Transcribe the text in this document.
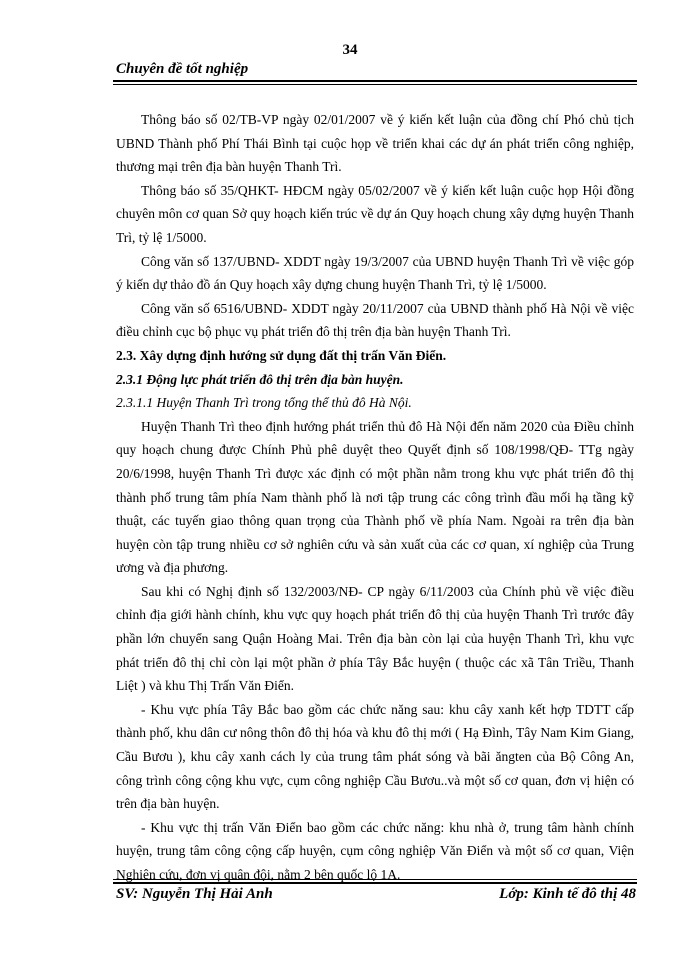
34
Chuyên đề tốt nghiệp

Thông báo số 02/TB-VP ngày 02/01/2007 về ý kiến kết luận của đồng chí Phó chủ tịch UBND Thành phố Phí Thái Bình tại cuộc họp về triển khai các dự án phát triển công nghiệp, thương mại trên địa bàn huyện Thanh Trì.

Thông báo số 35/QHKT- HĐCM ngày 05/02/2007 về ý kiến kết luận cuộc họp Hội đồng chuyên môn cơ quan Sở quy hoạch kiến trúc về dự án Quy hoạch chung xây dựng huyện Thanh Trì, tỷ lệ 1/5000.

Công văn số 137/UBND- XDDT ngày 19/3/2007 của UBND huyện Thanh Trì về việc góp ý kiến dự thảo đồ án Quy hoạch xây dựng chung huyện Thanh Trì, tỷ lệ 1/5000.

Công văn số 6516/UBND- XDDT ngày 20/11/2007 của UBND thành phố Hà Nội về việc điều chỉnh cục bộ phục vụ phát triển đô thị trên địa bàn huyện Thanh Trì.

2.3. Xây dựng định hướng sử dụng đất thị trấn Văn Điển.

2.3.1 Động lực phát triển đô thị trên địa bàn huyện.

2.3.1.1 Huyện Thanh Trì trong tổng thể thủ đô Hà Nội.

Huyện Thanh Trì theo định hướng phát triển thủ đô Hà Nội đến năm 2020 của Điều chỉnh quy hoạch chung được Chính Phủ phê duyệt theo Quyết định số 108/1998/QĐ- TTg ngày 20/6/1998, huyện Thanh Trì được xác định có một phần nằm trong khu vực phát triển đô thị thành phố trung tâm phía Nam thành phố là nơi tập trung các công trình đầu mối hạ tầng kỹ thuật, các tuyến giao thông quan trọng của Thành phố về phía Nam. Ngoài ra trên địa bàn huyện còn tập trung nhiều cơ sở nghiên cứu và sản xuất của các cơ quan, xí nghiệp của Trung ương và địa phương.

Sau khi có Nghị định số 132/2003/NĐ- CP ngày 6/11/2003 của Chính phủ về việc điều chỉnh địa giới hành chính, khu vực quy hoạch phát triển đô thị của huyện Thanh Trì trước đây phần lớn chuyển sang Quận Hoàng Mai. Trên địa bàn còn lại của huyện Thanh Trì, khu vực phát triển đô thị chỉ còn lại một phần ở phía Tây Bắc huyện ( thuộc các xã Tân Triều, Thanh Liệt ) và khu Thị Trấn Văn Điển.

- Khu vực phía Tây Bắc bao gồm các chức năng sau: khu cây xanh kết hợp TDTT cấp thành phố, khu dân cư nông thôn đô thị hóa và khu đô thị mới ( Hạ Đình, Tây Nam Kim Giang, Cầu Bươu ), khu cây xanh cách ly của trung tâm phát sóng và bãi ăngten của Bộ Công An, công trình công cộng khu vực, cụm công nghiệp Cầu Bươu..và một số cơ quan, đơn vị hiện có trên địa bàn huyện.

- Khu vực thị trấn Văn Điển bao gồm các chức năng: khu nhà ở, trung tâm hành chính huyện, trung tâm công cộng cấp huyện, cụm công nghiệp Văn Điển và một số cơ quan, Viện Nghiên cứu, đơn vị quân đội, nằm 2 bên quốc lộ 1A.

SV: Nguyễn Thị Hải Anh	Lớp: Kinh tế đô thị 48
